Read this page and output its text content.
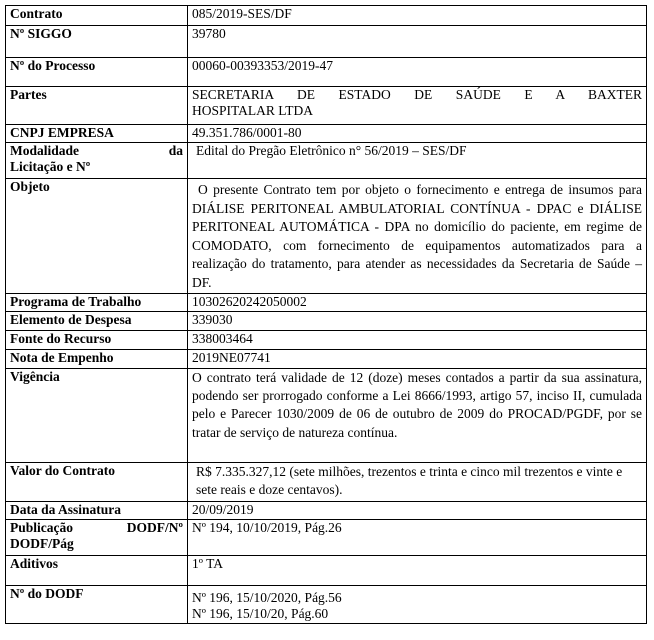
Contrato	085/2019-SES/DF
Nº SIGGO	39780
Nº do Processo	00060-00393353/2019-47
Partes	SECRETARIA DE ESTADO DE SAÚDE E A BAXTER
HOSPITALAR LTDA

CNPJ EMPRESA	49.351.786/0001-80

Modalidade da
Licitação e Nº	Edital do Pregão Eletrônico n° 56/2019 – SES/DF
Objeto	O presente Contrato tem por objeto o fornecimento e entrega de insumos para DIÁLISE PERITONEAL AMBULATORIAL CONTÍNUA - DPAC e DIÁLISE PERITONEAL AUTOMÁTICA - DPA no domicílio do paciente, em regime de COMODATO, com fornecimento de equipamentos automatizados para a realização do tratamento, para atender as necessidades da Secretaria de Saúde – DF.
Programa de Trabalho	10302620242050002
Elemento de Despesa	339030
Fonte do Recurso	338003464
Nota de Empenho	2019NE07741
Vigência	O contrato terá validade de 12 (doze) meses contados a partir da sua assinatura, podendo ser prorrogado conforme a Lei 8666/1993, artigo 57, inciso II, cumulada pelo e Parecer 1030/2009 de 06 de outubro de 2009 do PROCAD/PGDF, por se tratar de serviço de natureza contínua.
Valor do Contrato	R$ 7.335.327,12 (sete milhões, trezentos e trinta e cinco mil trezentos e vinte e sete reais e doze centavos).
Data da Assinatura	20/09/2019

Publicação DODF/Nº
DODF/Pág	Nº 194, 10/10/2019, Pág.26
Aditivos	1º TA
Nº do DODF	Nº 196, 15/10/2020, Pág.56
Nº 196, 15/10/20, Pág.60
